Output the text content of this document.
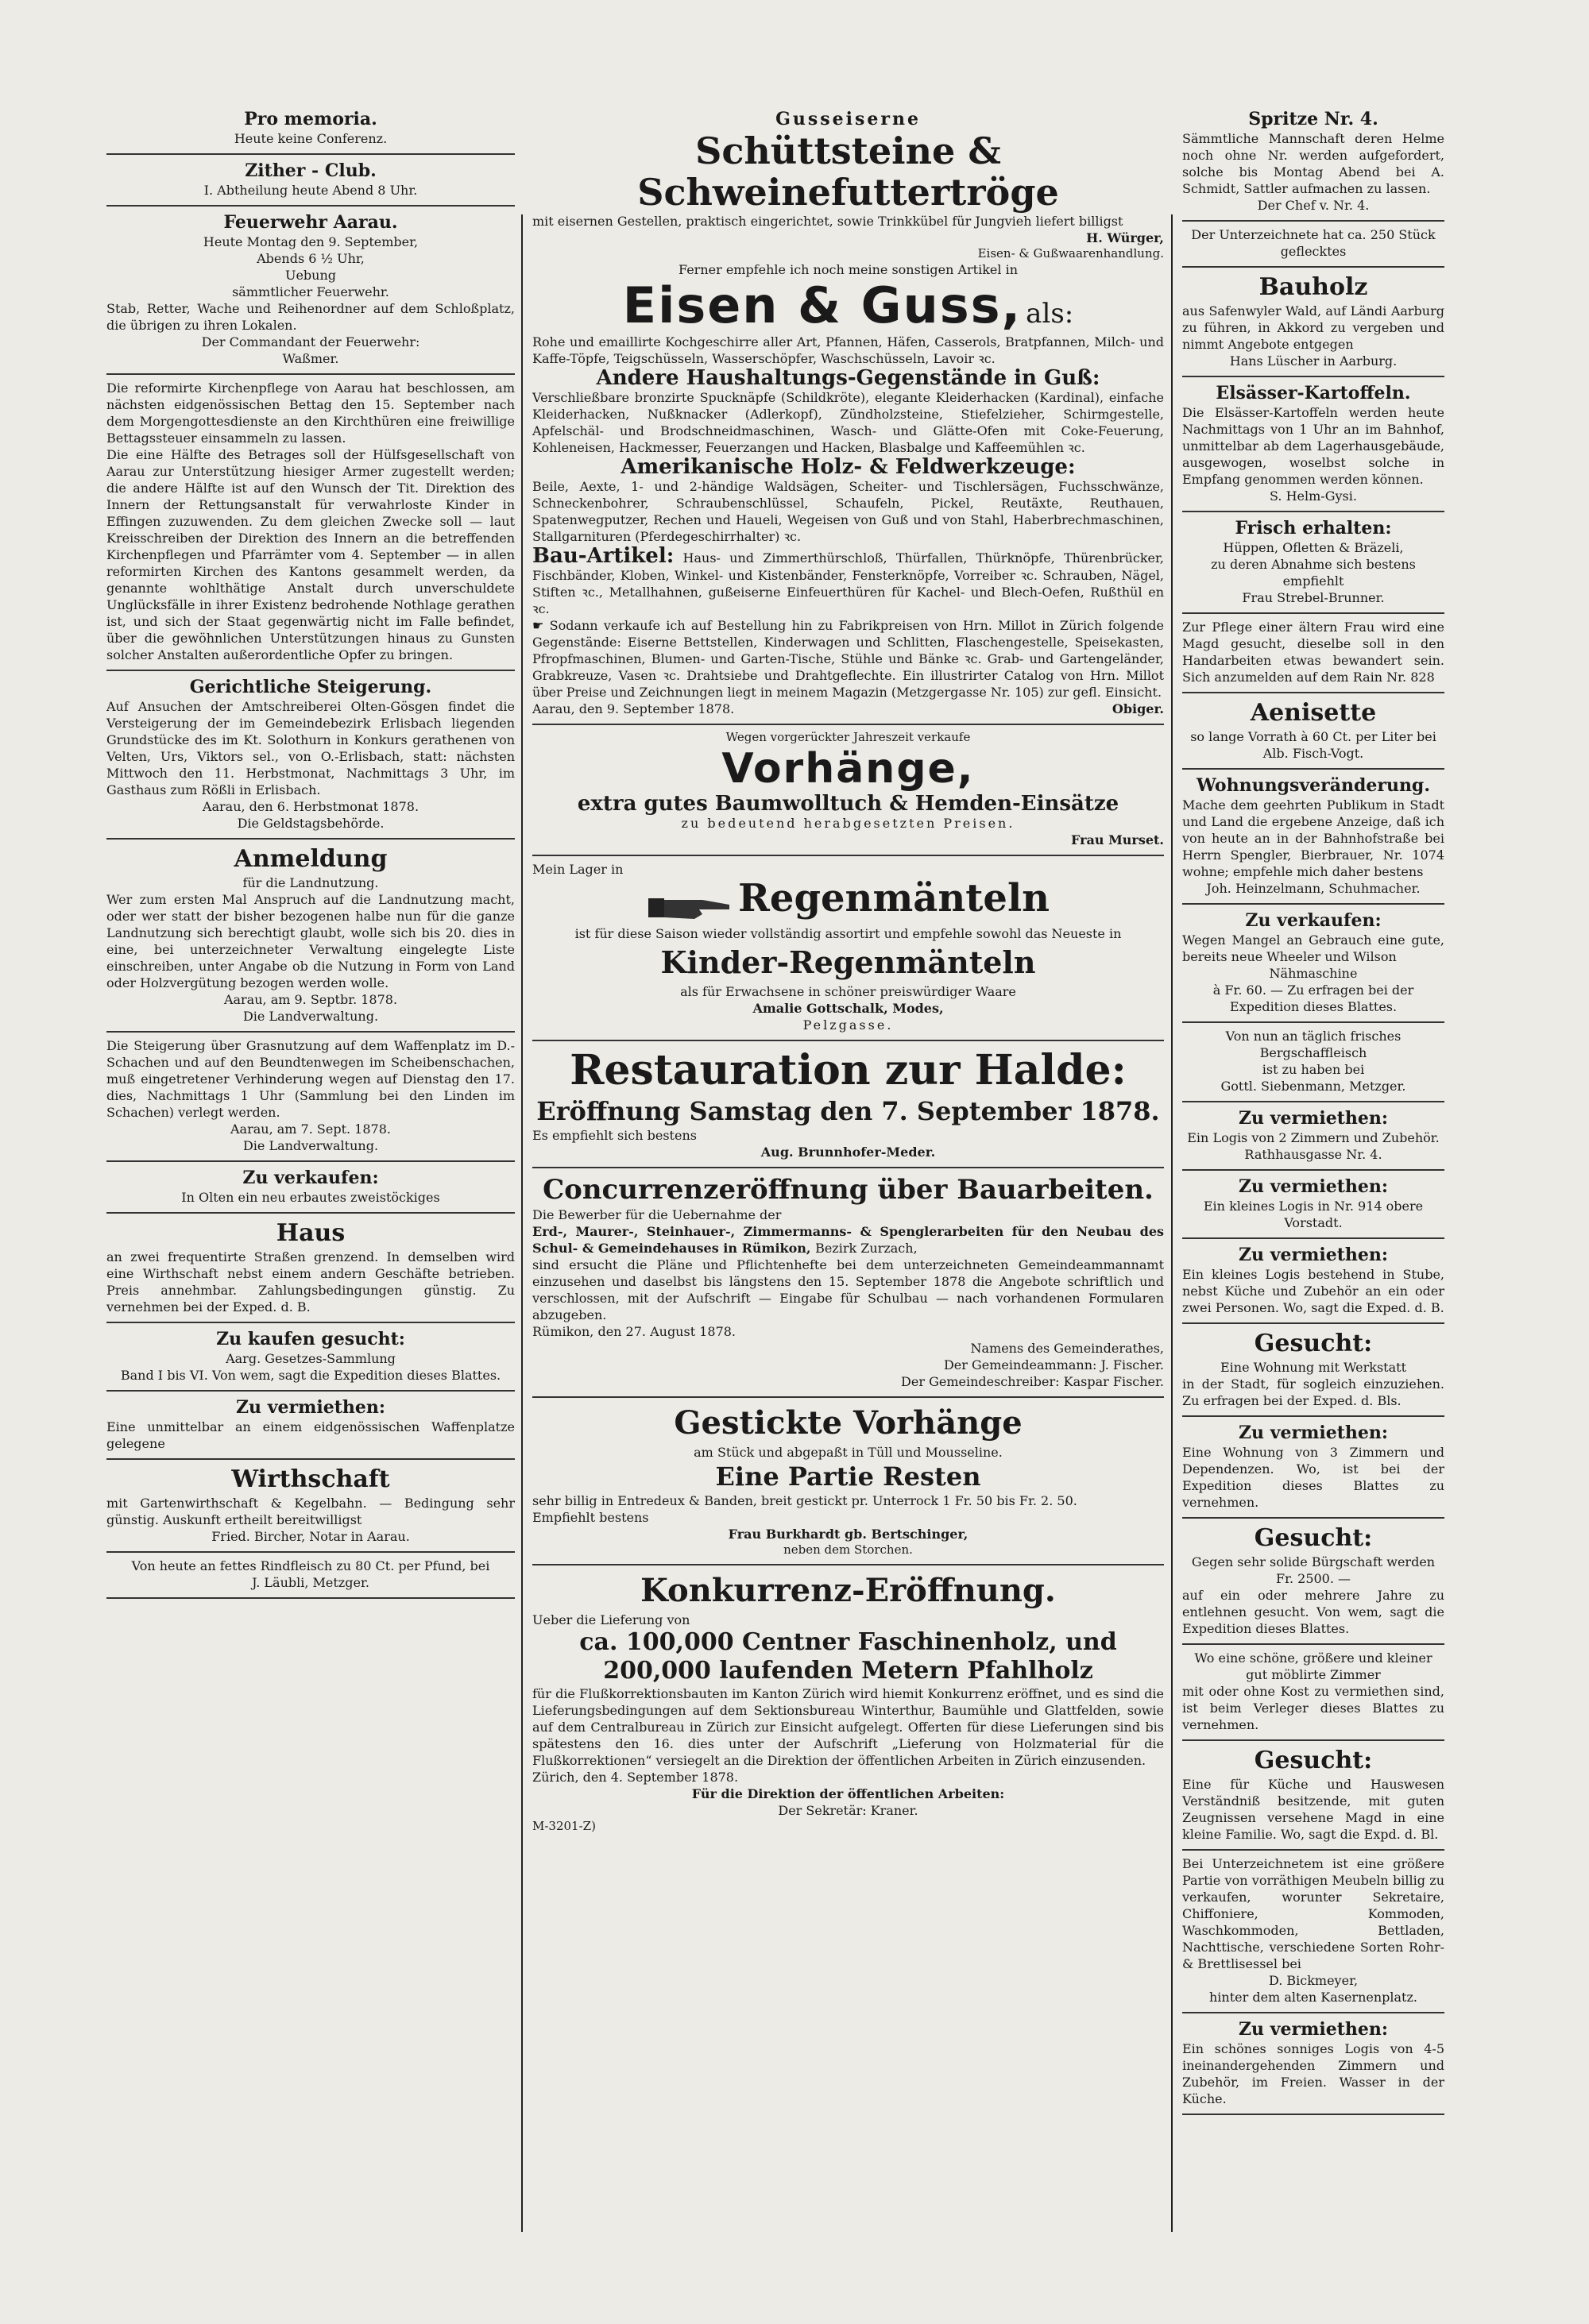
Pro memoria.

Heute keine Conferenz.

Zither - Club.

I. Abtheilung heute Abend 8 Uhr.

Feuerwehr Aarau.

Heute Montag den 9. September,

Abends 6 ½ Uhr,

Uebung

sämmtlicher Feuerwehr.

Stab, Retter, Wache und Reihenordner auf dem Schloßplatz, die übrigen zu ihren Lokalen.

Der Commandant der Feuerwehr:

Waßmer.

Die reformirte Kirchenpflege von Aarau hat beschlossen, am nächsten eidgenössischen Bettag den 15. September nach dem Morgengottesdienste an den Kirchthüren eine freiwillige Bettagssteuer einsammeln zu lassen.

Die eine Hälfte des Betrages soll der Hülfsgesellschaft von Aarau zur Unterstützung hiesiger Armer zugestellt werden; die andere Hälfte ist auf den Wunsch der Tit. Direktion des Innern der Rettungsanstalt für verwahrloste Kinder in Effingen zuzuwenden. Zu dem gleichen Zwecke soll — laut Kreisschreiben der Direktion des Innern an die betreffenden Kirchenpflegen und Pfarrämter vom 4. September — in allen reformirten Kirchen des Kantons gesammelt werden, da genannte wohlthätige Anstalt durch unverschuldete Unglücksfälle in ihrer Existenz bedrohende Nothlage gerathen ist, und sich der Staat gegenwärtig nicht im Falle befindet, über die gewöhnlichen Unterstützungen hinaus zu Gunsten solcher Anstalten außerordentliche Opfer zu bringen.

Gerichtliche Steigerung.

Auf Ansuchen der Amtschreiberei Olten-Gösgen findet die Versteigerung der im Gemeindebezirk Erlisbach liegenden Grundstücke des im Kt. Solothurn in Konkurs gerathenen von Velten, Urs, Viktors sel., von O.-Erlisbach, statt: nächsten Mittwoch den 11. Herbstmonat, Nachmittags 3 Uhr, im Gasthaus zum Rößli in Erlisbach.

Aarau, den 6. Herbstmonat 1878.

Die Geldstagsbehörde.

Anmeldung

für die Landnutzung.

Wer zum ersten Mal Anspruch auf die Landnutzung macht, oder wer statt der bisher bezogenen halbe nun für die ganze Landnutzung sich berechtigt glaubt, wolle sich bis 20. dies in eine, bei unterzeichneter Verwaltung eingelegte Liste einschreiben, unter Angabe ob die Nutzung in Form von Land oder Holzvergütung bezogen werden wolle.

Aarau, am 9. Septbr. 1878.

Die Landverwaltung.

Die Steigerung über Grasnutzung auf dem Waffenplatz im D.-Schachen und auf den Beundtenwegen im Scheibenschachen, muß eingetretener Verhinderung wegen auf Dienstag den 17. dies, Nachmittags 1 Uhr (Sammlung bei den Linden im Schachen) verlegt werden.

Aarau, am 7. Sept. 1878.

Die Landverwaltung.

Zu verkaufen:

In Olten ein neu erbautes zweistöckiges

Haus

an zwei frequentirte Straßen grenzend. In demselben wird eine Wirthschaft nebst einem andern Geschäfte betrieben. Preis annehmbar. Zahlungsbedingungen günstig. Zu vernehmen bei der Exped. d. B.

Zu kaufen gesucht:

Aarg. Gesetzes-Sammlung

Band I bis VI. Von wem, sagt die Expedition dieses Blattes.

Zu vermiethen:

Eine unmittelbar an einem eidgenössischen Waffenplatze gelegene

Wirthschaft

mit Gartenwirthschaft & Kegelbahn. — Bedingung sehr günstig. Auskunft ertheilt bereitwilligst

Fried. Bircher, Notar in Aarau.

Von heute an fettes Rindfleisch zu 80 Ct. per Pfund, bei

J. Läubli, Metzger.

Gusseiserne

Schüttsteine & Schweinefuttertröge

mit eisernen Gestellen, praktisch eingerichtet, sowie Trinkkübel für Jungvieh liefert billigst

H. Würger,

Eisen- & Gußwaarenhandlung.

Ferner empfehle ich noch meine sonstigen Artikel in

Eisen & Guss, als:

Rohe und emaillirte Kochgeschirre aller Art, Pfannen, Häfen, Casserols, Bratpfannen, Milch- und Kaffe-Töpfe, Teigschüsseln, Wasserschöpfer, Waschschüsseln, Lavoir ꝛc.

Andere Haushaltungs-Gegenstände in Guß:

Verschließbare bronzirte Spucknäpfe (Schildkröte), elegante Kleiderhacken (Kardinal), einfache Kleiderhacken, Nußknacker (Adlerkopf), Zündholzsteine, Stiefelzieher, Schirmgestelle, Apfelschäl- und Brodschneidmaschinen, Wasch- und Glätte-Ofen mit Coke-Feuerung, Kohleneisen, Hackmesser, Feuerzangen und Hacken, Blasbalge und Kaffeemühlen ꝛc.

Amerikanische Holz- & Feldwerkzeuge:

Beile, Aexte, 1- und 2-händige Waldsägen, Scheiter- und Tischlersägen, Fuchsschwänze, Schneckenbohrer, Schraubenschlüssel, Schaufeln, Pickel, Reutäxte, Reuthauen, Spatenwegputzer, Rechen und Haueli, Wegeisen von Guß und von Stahl, Haberbrechmaschinen, Stallgarnituren (Pferdegeschirrhalter) ꝛc.

Bau-Artikel: Haus- und Zimmerthürschloß, Thürfallen, Thürknöpfe, Thürenbrücker, Fischbänder, Kloben, Winkel- und Kistenbänder, Fensterknöpfe, Vorreiber ꝛc. Schrauben, Nägel, Stiften ꝛc., Metallhahnen, gußeiserne Einfeuerthüren für Kachel- und Blech-Oefen, Rußthül en ꝛc.

☛ Sodann verkaufe ich auf Bestellung hin zu Fabrikpreisen von Hrn. Millot in Zürich folgende Gegenstände: Eiserne Bettstellen, Kinderwagen und Schlitten, Flaschengestelle, Speisekasten, Pfropfmaschinen, Blumen- und Garten-Tische, Stühle und Bänke ꝛc. Grab- und Gartengeländer, Grabkreuze, Vasen ꝛc. Drahtsiebe und Drahtgeflechte. Ein illustrirter Catalog von Hrn. Millot über Preise und Zeichnungen liegt in meinem Magazin (Metzgergasse Nr. 105) zur gefl. Einsicht.

Aarau, den 9. September 1878.	Obiger.

Wegen vorgerückter Jahreszeit verkaufe

Vorhänge,

extra gutes Baumwolltuch & Hemden-Einsätze

zu bedeutend herabgesetzten Preisen.

Frau Murset.

Mein Lager in

Regenmänteln

ist für diese Saison wieder vollständig assortirt und empfehle sowohl das Neueste in

Kinder-Regenmänteln

als für Erwachsene in schöner preiswürdiger Waare

Amalie Gottschalk, Modes,

Pelzgasse.

Restauration zur Halde:

Eröffnung Samstag den 7. September 1878.

Es empfiehlt sich bestens

Aug. Brunnhofer-Meder.

Concurrenzeröffnung über Bauarbeiten.

Die Bewerber für die Uebernahme der

Erd-, Maurer-, Steinhauer-, Zimmermanns- & Spenglerarbeiten für den Neubau des Schul- & Gemeindehauses in Rümikon, Bezirk Zurzach,

sind ersucht die Pläne und Pflichtenhefte bei dem unterzeichneten Gemeindeammannamt einzusehen und daselbst bis längstens den 15. September 1878 die Angebote schriftlich und verschlossen, mit der Aufschrift — Eingabe für Schulbau — nach vorhandenen Formularen abzugeben.

Rümikon, den 27. August 1878.

Namens des Gemeinderathes,

Der Gemeindeammann: J. Fischer.

Der Gemeindeschreiber: Kaspar Fischer.

Gestickte Vorhänge

am Stück und abgepaßt in Tüll und Mousseline.

Eine Partie Resten

sehr billig in Entredeux & Banden, breit gestickt pr. Unterrock 1 Fr. 50 bis Fr. 2. 50.

Empfiehlt bestens

Frau Burkhardt gb. Bertschinger,

neben dem Storchen.

Konkurrenz-Eröffnung.

Ueber die Lieferung von

ca. 100,000 Centner Faschinenholz, und

200,000 laufenden Metern Pfahlholz

für die Flußkorrektionsbauten im Kanton Zürich wird hiemit Konkurrenz eröffnet, und es sind die Lieferungsbedingungen auf dem Sektionsbureau Winterthur, Baumühle und Glattfelden, sowie auf dem Centralbureau in Zürich zur Einsicht aufgelegt. Offerten für diese Lieferungen sind bis spätestens den 16. dies unter der Aufschrift „Lieferung von Holzmaterial für die Flußkorrektionen“ versiegelt an die Direktion der öffentlichen Arbeiten in Zürich einzusenden.

Zürich, den 4. September 1878.

Für die Direktion der öffentlichen Arbeiten:

Der Sekretär: Kraner.

M-3201-Z)

Spritze Nr. 4.

Sämmtliche Mannschaft deren Helme noch ohne Nr. werden aufgefordert, solche bis Montag Abend bei A. Schmidt, Sattler aufmachen zu lassen.

Der Chef v. Nr. 4.

Der Unterzeichnete hat ca. 250 Stück geflecktes

Bauholz

aus Safenwyler Wald, auf Ländi Aarburg zu führen, in Akkord zu vergeben und nimmt Angebote entgegen

Hans Lüscher in Aarburg.

Elsässer-Kartoffeln.

Die Elsässer-Kartoffeln werden heute Nachmittags von 1 Uhr an im Bahnhof, unmittelbar ab dem Lagerhausgebäude, ausgewogen, woselbst solche in Empfang genommen werden können.

S. Helm-Gysi.

Frisch erhalten:

Hüppen, Ofletten & Bräzeli,

zu deren Abnahme sich bestens empfiehlt

Frau Strebel-Brunner.

Zur Pflege einer ältern Frau wird eine Magd gesucht, dieselbe soll in den Handarbeiten etwas bewandert sein. Sich anzumelden auf dem Rain Nr. 828

Aenisette

so lange Vorrath à 60 Ct. per Liter bei

Alb. Fisch-Vogt.

Wohnungsveränderung.

Mache dem geehrten Publikum in Stadt und Land die ergebene Anzeige, daß ich von heute an in der Bahnhofstraße bei Herrn Spengler, Bierbrauer, Nr. 1074 wohne; empfehle mich daher bestens

Joh. Heinzelmann, Schuhmacher.

Zu verkaufen:

Wegen Mangel an Gebrauch eine gute, bereits neue Wheeler und Wilson

Nähmaschine

à Fr. 60. — Zu erfragen bei der Expedition dieses Blattes.

Von nun an täglich frisches

Bergschaffleisch

ist zu haben bei

Gottl. Siebenmann, Metzger.

Zu vermiethen:

Ein Logis von 2 Zimmern und Zubehör. Rathhausgasse Nr. 4.

Zu vermiethen:

Ein kleines Logis in Nr. 914 obere Vorstadt.

Zu vermiethen:

Ein kleines Logis bestehend in Stube, nebst Küche und Zubehör an ein oder zwei Personen. Wo, sagt die Exped. d. B.

Gesucht:

Eine Wohnung mit Werkstatt

in der Stadt, für sogleich einzuziehen. Zu erfragen bei der Exped. d. Bls.

Zu vermiethen:

Eine Wohnung von 3 Zimmern und Dependenzen. Wo, ist bei der Expedition dieses Blattes zu vernehmen.

Gesucht:

Gegen sehr solide Bürgschaft werden

Fr. 2500. —

auf ein oder mehrere Jahre zu entlehnen gesucht. Von wem, sagt die Expedition dieses Blattes.

Wo eine schöne, größere und kleiner

gut möblirte Zimmer

mit oder ohne Kost zu vermiethen sind, ist beim Verleger dieses Blattes zu vernehmen.

Gesucht:

Eine für Küche und Hauswesen Verständniß besitzende, mit guten Zeugnissen versehene Magd in eine kleine Familie. Wo, sagt die Expd. d. Bl.

Bei Unterzeichnetem ist eine größere Partie von vorräthigen Meubeln billig zu verkaufen, worunter Sekretaire, Chiffoniere, Kommoden, Waschkommoden, Bettladen, Nachttische, verschiedene Sorten Rohr- & Brettlisessel bei

D. Bickmeyer,

hinter dem alten Kasernenplatz.

Zu vermiethen:

Ein schönes sonniges Logis von 4-5 ineinandergehenden Zimmern und Zubehör, im Freien. Wasser in der Küche.
